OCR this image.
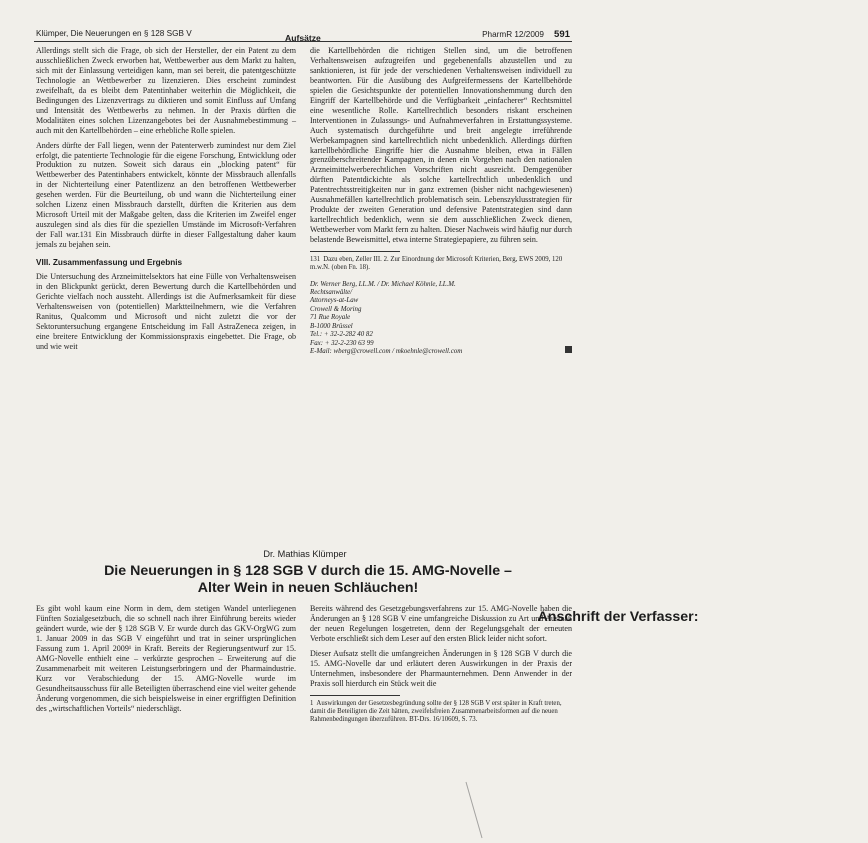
Klümper, Die Neuerungen en § 128 SGB V	Aufsätze	PharmR 12/2009 591

Allerdings stellt sich die Frage, ob sich der Hersteller, der ein Patent zu dem ausschließlichen Zweck erworben hat, Wettbewerber aus dem Markt zu halten, sich mit der Einlassung verteidigen kann, man sei bereit, die patentgeschützte Technologie an Wettbewerber zu lizenzieren. Dies erscheint zumindest zweifelhaft, da es bleibt dem Patentinhaber weiterhin die Möglichkeit, die Bedingungen des Lizenzvertrags zu diktieren und somit Einfluss auf Umfang und Intensität des Wettbewerbs zu nehmen. In der Praxis dürften die Modalitäten eines solchen Lizenzangebotes bei der Ausnahmebestimmung – auch mit den Kartellbehörden – eine erhebliche Rolle spielen.

Anders dürfte der Fall liegen, wenn der Patenterwerb zumindest nur dem Ziel erfolgt, die patentierte Technologie für die eigene Forschung, Entwicklung oder Produktion zu nutzen. Soweit sich daraus ein „blocking patent“ für Wettbewerber des Patentinhabers entwickelt, könnte der Missbrauch allenfalls in der Nichterteilung einer Patentlizenz an den betroffenen Wettbewerber gesehen werden. Für die Beurteilung, ob und wann die Nichterteilung einer solchen Lizenz einen Missbrauch darstellt, dürften die Kriterien aus dem Microsoft Urteil mit der Maßgabe gelten, dass die Kriterien im Zweifel enger auszulegen sind als dies für die speziellen Umstände im Microsoft-Verfahren der Fall war.131 Ein Missbrauch dürfte in dieser Fallgestaltung daher kaum jemals zu bejahen sein.

VIII. Zusammenfassung und Ergebnis

Die Untersuchung des Arzneimittelsektors hat eine Fülle von Verhaltensweisen in den Blickpunkt gerückt, deren Bewertung durch die Kartellbehörden und Gerichte vielfach noch aussteht. Allerdings ist die Aufmerksamkeit für diese Verhaltensweisen von (potentiellen) Marktteilnehmern, wie die Verfahren Ranitus, Qualcomm und Microsoft und nicht zuletzt die vor der Sektoruntersuchung ergangene Entscheidung im Fall AstraZeneca zeigen, in eine breitere Entwicklung der Kommissionspraxis eingebettet. Die Frage, ob und wie weit

die Kartellbehörden die richtigen Stellen sind, um die betroffenen Verhaltensweisen aufzugreifen und gegebenenfalls abzustellen und zu sanktionieren, ist für jede der verschiedenen Verhaltensweisen individuell zu beantworten. Für die Ausübung des Aufgreifermessens der Kartellbehörde spielen die Gesichtspunkte der potentiellen Innovationshemmung durch den Eingriff der Kartellbehörde und die Verfügbarkeit „einfacherer“ Rechtsmittel eine wesentliche Rolle. Kartellrechtlich besonders riskant erscheinen Interventionen in Zulassungs- und Aufnahmeverfahren in Erstattungssysteme. Auch systematisch durchgeführte und breit angelegte irreführende Werbekampagnen sind kartellrechtlich nicht unbedenklich. Allerdings dürften kartellbehördliche Eingriffe hier die Ausnahme bleiben, etwa in Fällen grenzüberschreitender Kampagnen, in denen ein Vorgehen nach den nationalen Arzneimittelwerberechtlichen Vorschriften nicht ausreicht. Demgegenüber dürften Patentdickichte als solche kartellrechtlich unbedenklich und Patentrechtsstreitigkeiten nur in ganz extremen (bisher nicht nachgewiesenen) Ausnahmefällen kartellrechtlich problematisch sein. Lebenszyklusstrategien für Produkte der zweiten Generation und defensive Patentstrategien sind dann kartellrechtlich bedenklich, wenn sie dem ausschließlichen Zweck dienen, Wettbewerber vom Markt fern zu halten. Dieser Nachweis wird häufig nur durch belastende Beweismittel, etwa interne Strategiepapiere, zu führen sein.

131 Dazu eben, Zeller III. 2. Zur Einordnung der Microsoft Kriterien, Berg, EWS 2009, 120 m.w.N. (oben Fn. 18).
Anschrift der Verfasser:
Dr. Werner Berg, LL.M. / Dr. Michael Köhnle, LL.M.
Rechtsanwälte/
Attorneys-at-Law
Crowell & Moring
71 Rue Royale
B-1000 Brüssel
Tel.: + 32-2-282 40 82
Fax: + 32-2-230 63 99
E-Mail: wberg@crowell.com / mkoehnle@crowell.com
Dr. Mathias Klümper
Die Neuerungen in § 128 SGB V durch die 15. AMG-Novelle –
Alter Wein in neuen Schläuchen!

Es gibt wohl kaum eine Norm in dem, dem stetigen Wandel unterliegenen Fünften Sozialgesetzbuch, die so schnell nach ihrer Einführung bereits wieder geändert wurde, wie der § 128 SGB V. Er wurde durch das GKV-OrgWG zum 1. Januar 2009 in das SGB V eingeführt und trat in seiner ursprünglichen Fassung zum 1. April 2009¹ in Kraft. Bereits der Regierungsentwurf zur 15. AMG-Novelle enthielt eine – verkürzte gesprochen – Erweiterung auf die Zusammenarbeit mit weiteren Leistungserbringern und der Pharmaindustrie. Kurz vor Verabschiedung der 15. AMG-Novelle wurde im Gesundheitsausschuss für alle Beteiligten überraschend eine viel weiter gehende Änderung vorgenommen, die sich beispielsweise in einer ergriffigten Definition des „wirtschaftlichen Vorteils“ niederschlägt.

Bereits während des Gesetzgebungsverfahrens zur 15. AMG-Novelle haben die Änderungen an § 128 SGB V eine umfangreiche Diskussion zu Art und Ausmaß der neuen Regelungen losgetreten, denn der Regelungsgehalt der erneuten Verbote erschließt sich dem Leser auf den ersten Blick leider nicht sofort.

Dieser Aufsatz stellt die umfangreichen Änderungen in § 128 SGB V durch die 15. AMG-Novelle dar und erläutert deren Auswirkungen in der Praxis der Unternehmen, insbesondere der Pharmaunternehmen. Denn Anwender in der Praxis soll hierdurch ein Stück weit die

1 Auswirkungen der Gesetzesbegründung sollte der § 128 SGB V erst später in Kraft treten, damit die Beteiligten die Zeit hätten, zweifelsfreien Zusammenarbeitsformen auf die neuen Rahmenbedingungen überzuführen. BT-Drs. 16/10609, S. 73.
